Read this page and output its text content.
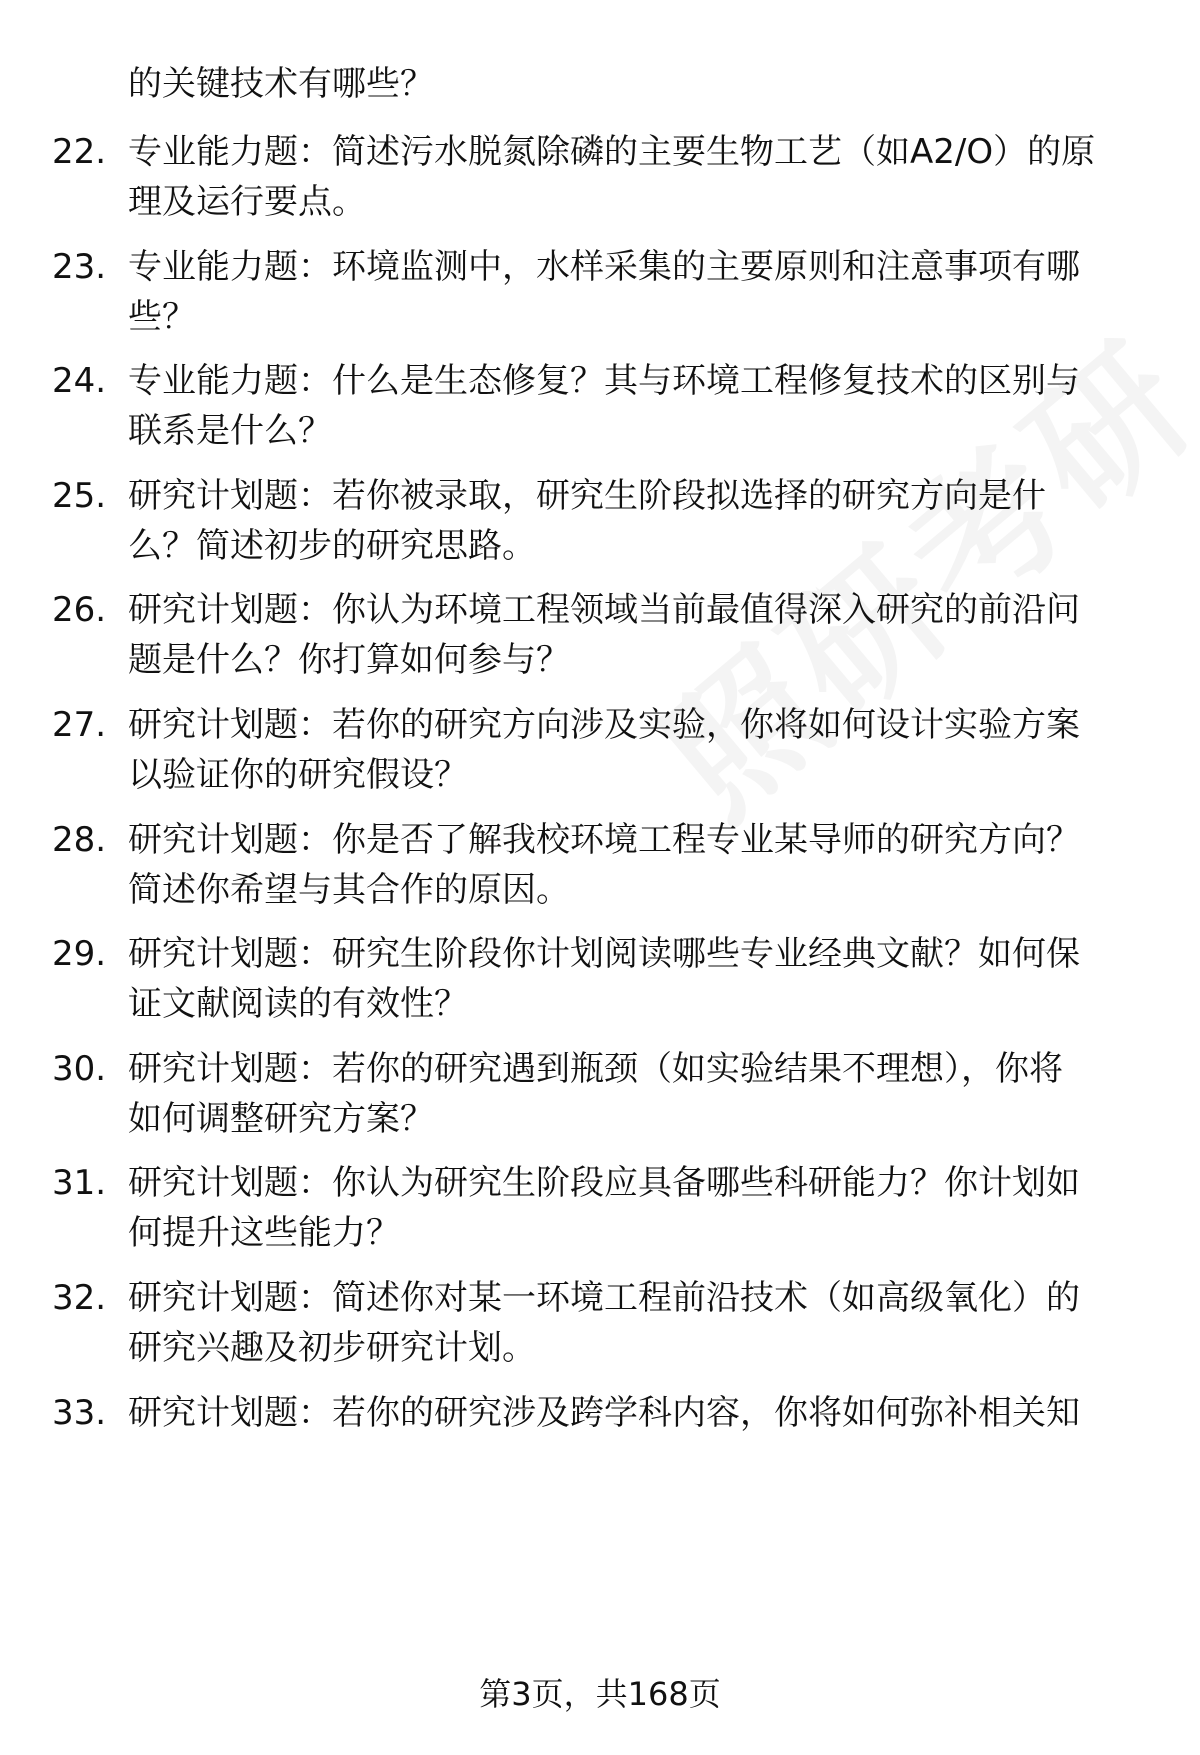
的关键技术有哪些？
22. 专业能力题：简述污水脱氮除磷的主要生物工艺（如A2/O）的原
理及运行要点。
23. 专业能力题：环境监测中，水样采集的主要原则和注意事项有哪
些？
24. 专业能力题：什么是生态修复？其与环境工程修复技术的区别与
联系是什么？
25. 研究计划题：若你被录取，研究生阶段拟选择的研究方向是什
么？简述初步的研究思路。
26. 研究计划题：你认为环境工程领域当前最值得深入研究的前沿问
题是什么？你打算如何参与？
27. 研究计划题：若你的研究方向涉及实验，你将如何设计实验方案
以验证你的研究假设？
28. 研究计划题：你是否了解我校环境工程专业某导师的研究方向？
简述你希望与其合作的原因。
29. 研究计划题：研究生阶段你计划阅读哪些专业经典文献？如何保
证文献阅读的有效性？
30. 研究计划题：若你的研究遇到瓶颈（如实验结果不理想），你将
如何调整研究方案？
31. 研究计划题：你认为研究生阶段应具备哪些科研能力？你计划如
何提升这些能力？
32. 研究计划题：简述你对某一环境工程前沿技术（如高级氧化）的
研究兴趣及初步研究计划。
33. 研究计划题：若你的研究涉及跨学科内容，你将如何弥补相关知
第3页，共168页
